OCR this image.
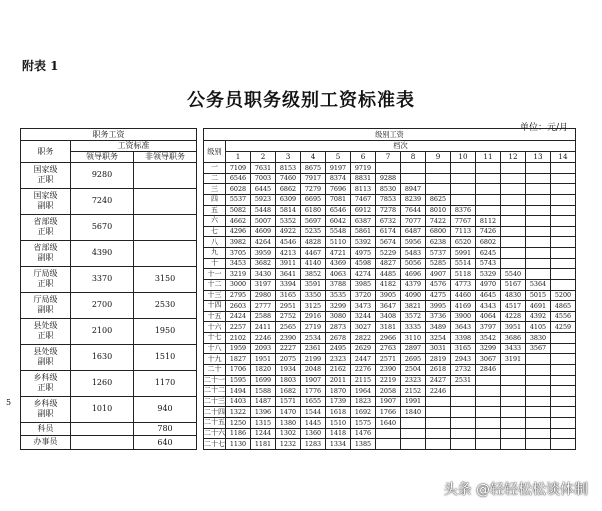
附表 1
公务员职务级别工资标准表
单位：元/月
职务工资		
职务	工资标准	
	领导职务	非领导职务
国家级
正职	9280	
国家级
副职	7240	
省部级
正职	5670	
省部级
副职	4390	
厅局级
正职	3370	3150
厅局级
副职	2700	2530
县处级
正职	2100	1950
县处级
副职	1630	1510
乡科级
正职	1260	1170
乡科级
副职	1010	940
科员		780
办事员		640
级别工资														
级别	档次													
	1	2	3	4	5	6	7	8	9	10	11	12	13	14
一	7109	7631	8153	8675	9197	9719								
二	6546	7003	7460	7917	8374	8831	9288							
三	6028	6445	6862	7279	7696	8113	8530	8947						
四	5537	5923	6309	6695	7081	7467	7853	8239	8625					
五	5082	5448	5814	6180	6546	6912	7278	7644	8010	8376				
六	4662	5007	5352	5697	6042	6387	6732	7077	7422	7767	8112			
七	4296	4609	4922	5235	5548	5861	6174	6487	6800	7113	7426			
八	3982	4264	4546	4828	5110	5392	5674	5956	6238	6520	6802			
九	3705	3959	4213	4467	4721	4975	5229	5483	5737	5991	6245			
十	3453	3682	3911	4140	4369	4598	4827	5056	5285	5514	5743			
十一	3219	3430	3641	3852	4063	4274	4485	4696	4907	5118	5329	5540		
十二	3000	3197	3394	3591	3788	3985	4182	4379	4576	4773	4970	5167	5364	
十三	2795	2980	3165	3350	3535	3720	3905	4090	4275	4460	4645	4830	5015	5200
十四	2603	2777	2951	3125	3299	3473	3647	3821	3995	4169	4343	4517	4691	4865
十五	2424	2588	2752	2916	3080	3244	3408	3572	3736	3900	4064	4228	4392	4556
十六	2257	2411	2565	2719	2873	3027	3181	3335	3489	3643	3797	3951	4105	4259
十七	2102	2246	2390	2534	2678	2822	2966	3110	3254	3398	3542	3686	3830	
十八	1959	2093	2227	2361	2495	2629	2763	2897	3031	3165	3299	3433	3567	
十九	1827	1951	2075	2199	2323	2447	2571	2695	2819	2943	3067	3191		
二十	1706	1820	1934	2048	2162	2276	2390	2504	2618	2732	2846			
二十一	1595	1699	1803	1907	2011	2115	2219	2323	2427	2531				
二十二	1494	1588	1682	1776	1870	1964	2058	2152	2246					
二十三	1403	1487	1571	1655	1739	1823	1907	1991						
二十四	1322	1396	1470	1544	1618	1692	1766	1840						
二十五	1250	1315	1380	1445	1510	1575	1640							
二十六	1186	1244	1302	1360	1418	1476								
二十七	1130	1181	1232	1283	1334	1385								
5
头条 @轻轻松松谈体制
